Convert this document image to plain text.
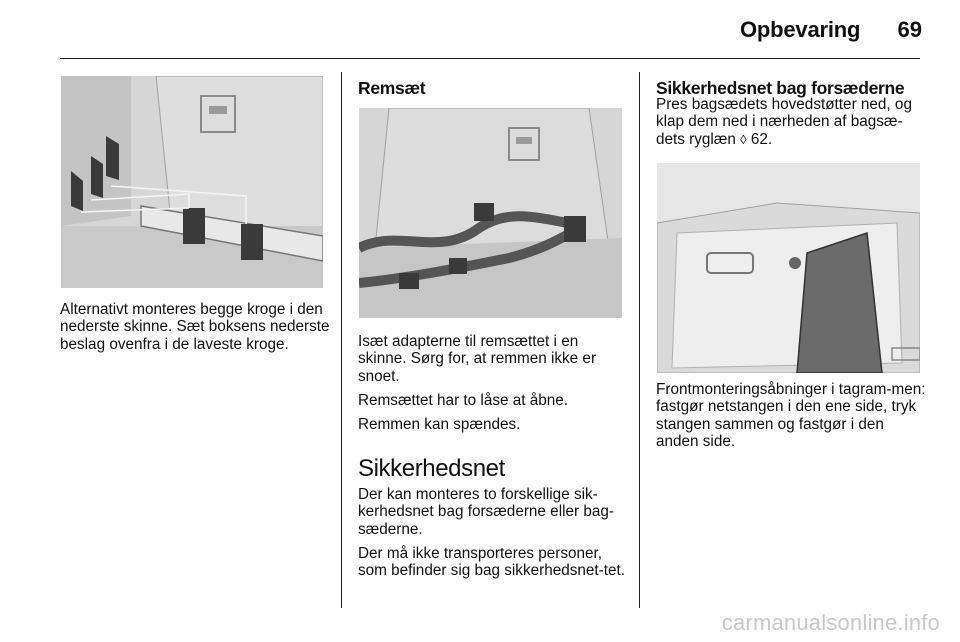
Opbevaring	69
Alternativt monteres begge kroge i den nederste skinne. Sæt boksens nederste beslag ovenfra i de laveste kroge.
Remsæt

Isæt adapterne til remsættet i en skinne. Sørg for, at remmen ikke er snoet.

Remsættet har to låse at åbne.

Remmen kan spændes.

Sikkerhedsnet

Der kan monteres to forskellige sik-kerhedsnet bag forsæderne eller bag-sæderne.

Der må ikke transporteres personer, som befinder sig bag sikkerhedsnet-tet.

Sikkerhedsnet bag forsæderne

Pres bagsædets hovedstøtter ned, og klap dem ned i nærheden af bagsæ-dets ryglæn ◊ 62.

Frontmonteringsåbninger i tagram-men: fastgør netstangen i den ene side, tryk stangen sammen og fastgør i den anden side.
carmanualsonline.info
